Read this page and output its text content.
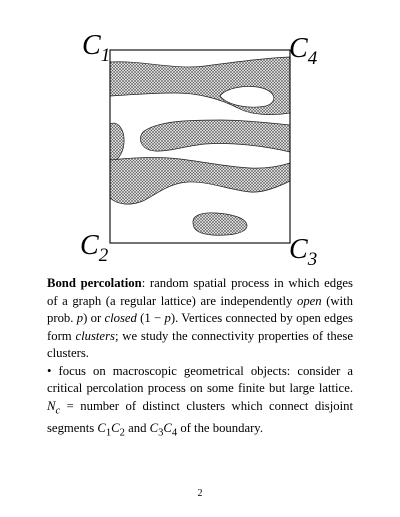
$C_1$	$C_4$
$C_2$	$C_3$

Bond percolation: random spatial process in which edges of a graph (a regular lattice) are independently open (with prob. p) or closed (1 − p). Vertices connected by open edges form clusters; we study the connectivity properties of these clusters.

• focus on macroscopic geometrical objects: consider a critical percolation process on some finite but large lattice. $N_c$ = number of distinct clusters which connect disjoint segments $C_1C_2$ and $C_3C_4$ of the boundary.

2
